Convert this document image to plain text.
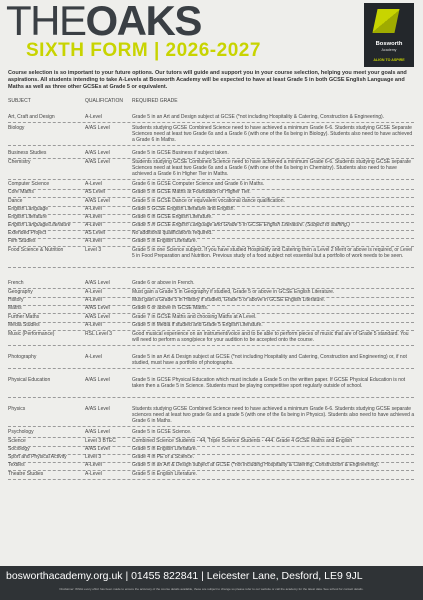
THEOAKS
SIXTH FORM | 2026-2027	Bosworth
Academy
ALIGN TO ASPIRE
Course selection is so important to your future options. Our tutors will guide and support you in your course selection, helping you meet your goals and aspirations. All students intending to take A-Levels at Bosworth Academy will be expected to have at least Grade 5 in both GCSE English Language and Maths as well as three other GCSEs at Grade 5 or equivalent.
SUBJECT	QUALIFICATION REQUIRED GRADE
Art, Craft and Design	A-Level	Grade 5 in an Art and Design subject at GCSE (*not including Hospitality & Catering, Construction & Engineering).
Biology	A/AS Level	Students studying GCSE Combined Science need to have achieved a minimum Grade 6-6. Students studying GCSE Separate Sciences need at least two Grade 6s and a Grade 6 (with one of the 6s being in Biology). Students also need to have achieved a Grade 6 in Maths.
Business Studies	A/AS Level	Grade 5 in GCSE Business if subject taken.
Chemistry	A/AS Level	Students studying GCSE Combined Science need to have achieved a minimum Grade 6-6. Students studying GCSE separate Sciences need at least two Grade 6s and a Grade 6 (with one of the 6s being in Chemistry). Students also need to have achieved a Grade 6 in Higher Tier in Maths.
Computer Science	A-Level	Grade 6 in GCSE Computer Science and Grade 6 in Maths.
Core Maths	AS Level	Grade 5 in GCSE Maths at Foundation or Higher Tier.
Dance	A/AS Level	Grade 5 in GCSE Dance or equivalent vocational dance qualification.
English Language	A-Level	Grade 5 GCSE English Literature and English.
English Literature	A-Level	Grade 6 in GCSE English Literature.
English Language/Literature	A-Level	Grade 5 in GCSE English Language and Grade 5 in GCSE English Literature. (Subject to staffing.)
Extended Project	AS Level	No additional qualifications required.
Film Studies	A-Level	Grade 5 in English Literature.
Food Science & Nutrition	Level 3	Grade 5 in one Science subject. If you have studied Hospitality and Catering then a Level 2 Merit or above is required, or Level 5 in Food Preparation and Nutrition. Previous study of a food subject not essential but a portfolio of work needs to be seen.
French	A/AS Level	Grade 6 or above in French.
Geography	A-Level	Must gain a Grade 5 in Geography if studied, Grade 5 or above in GCSE English Literature.
History	A-Level	Must gain a Grade 5 in History if studied, Grade 5 or above in GCSE English Literature.
Maths	A/AS Level	Grade 6 or above in GCSE Maths.
Further Maths	A/AS Level	Grade 7 in GCSE Maths and choosing Maths at A Level.
Media Studies	A-Level	Grade 5 in Media if studied and Grade 5 English Literature.
Music (Performance)	RSL Level 3	Good musical experience on an instrument/voice and to be able to perform pieces of music that are of Grade 5 standard. You will need to perform a song/piece for your audition to be accepted onto the course.
Photography	A-Level	Grade 5 in an Art & Design subject at GCSE (*not including Hospitality and Catering, Construction and Engineering) or, if not studied, must have a portfolio of photographs.
Physical Education	A/AS Level	Grade 5 in GCSE Physical Education which must include a Grade 5 on the written paper. If GCSE Physical Education is not taken then a Grade 5 in Science. Students must be playing competitive sport regularly outside of school.
Physics	A/AS Level	Students studying GCSE Combined Science need to have achieved a minimum Grade 6-6. Students studying GCSE separate sciences need at least two grade 6s and a grade 5 (with one of the 6s being in Physics). Students also need to have achieved a Grade 6 in Maths.
Psychology	A/AS Level	Grade 5 in GCSE Science.
Science	Level 3 BTEC	Combined Science Students - 44, Triple Science Students - 444. Grade 4 GCSE Maths and English
Sociology	A/AS Level	Grade 5 in English Literature.
Sport and Physical Activity	Level 3	Grade 4 in PE or a Science.
Textiles	A-Level	Grade 5 in an Art & Design subject at GCSE (*not including Hospitality & Catering, Construction & Engineering).
Theatre Studies	A-Level	Grade 5 in English Literature.
bosworthacademy.org.uk | 01455 822841 | Leicester Lane, Desford, LE9 9JL
Disclaimer: Whilst every effort has been made to ensure the accuracy of the course details available, these are subject to change so please refer to our website or call the academy for the latest data. See school for contact details.
